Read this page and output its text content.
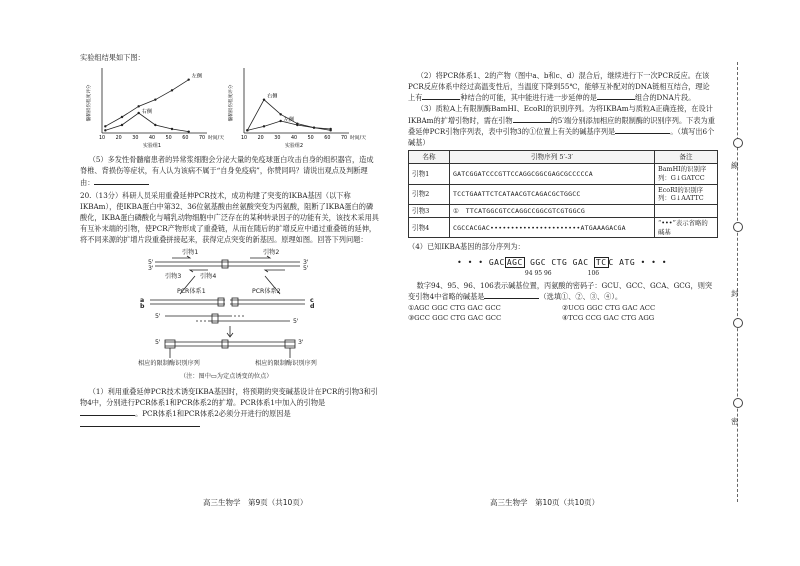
实验组结果如下图：

髓鞘损伤程度评分
10 20 30 40 50 60 70 时间/天
实验组1
左侧
右侧	髓鞘损伤程度评分
10 20 30 40 50 60 70 时间/天
实验组2
右侧
左侧

（5）多发性骨髓瘤患者的异常浆细胞会分泌大量的免疫球蛋白攻击自身的组织器官，造成脊椎、背损伤等症状，有人认为该病不属于“自身免疫病”，你赞同吗？请说出观点及判断理由：

20.（13分）科研人员采用重叠延伸PCR技术，成功构建了突变的IKBA基因（以下称IKBAm），使IKBA蛋白中第32、36位氨基酸由丝氨酸突变为丙氨酸，阻断了IKBA蛋白的磷酸化，IKBA蛋白磷酸化与哺乳动物细胞中广泛存在的某种转录因子的功能有关，该技术采用具有互补末端的引物，使PCR产物形成了重叠链，从而在随后的扩增反应中通过重叠链的延伸，将不同来源的扩增片段重叠拼接起来，获得定点突变的新基因。原理如图。回答下列问题：

引物1	引物2
引物3	引物4
5'
3'
3'
5'
PCR体系1	PCR体系2
a
b
c
d
5'
5'
5'	3'
相应的限制酶识别序列	相应的限制酶识别序列
（注：图中▭为定点诱变的位点）

（1）利用重叠延伸PCR技术诱变IKBA基因时，将预期的突变碱基设计在PCR的引物3和引物4中，分别进行PCR体系1和PCR体系2的扩增。PCR体系1中加入的引物是。PCR体系1和PCR体系2必须分开进行的原因是

高三生物学　第9页（共10页）

（2）将PCR体系1、2的产物（图中a、b和c、d）混合后，继续进行下一次PCR反应。在该PCR反应体系中经过高温变性后，当温度下降到55℃，能够互补配对的DNA链相互结合，理论上有	种结合的可能，其中能进行进一步延伸的是	组合的DNA片段。

（3）质粒A上有限制酶BamHⅠ、EcoRⅠ的识别序列。为将IKBAm与质粒A正确连接，在设计IKBAm的扩增引物时，需在引物	的5′端分别添加相应的限制酶的识别序列。下表为重叠延伸PCR引物序列表，表中引物3的①位置上有关的碱基序列是	。（填写出6个碱基）

名称	引物序列 5′-3′	备注
引物1	GATCGGATCCCGTTCCAGGCGGCGAGCGCCCCCA	BamHⅠ的识别序列：G↓GATCC
引物2	TCCTGAATTCTCATAACGTCAGACGCTGGCC	EcoRⅠ的识别序列：G↓AATTC
引物3	①　TTCATGGCGTCCAGGCCGGCGTCGTGGCG	
引物4	CGCCACGAC••••••••••••••••••••••ATGAAAGACGA	“•••”表示省略的碱基

（4）已知IKBA基因的部分序列为：

• • • GAC AGC GGC CTG GAC TC C ATG • • •
94 95 96　　　　　　106

数字94、95、96、106表示碱基位置，丙氨酸的密码子：GCU、GCC、GCA、GCG，则突变引物4中省略的碱基是	（选填①、②、③、④）。

①AGC GGC CTG GAC GCC	②UCG GGC CTG GAC ACC
③GCC GGC CTG GAC GCC	④TCG CCG GAC CTG AGG
高三生物学　第10页（共10页）
線
封
密
